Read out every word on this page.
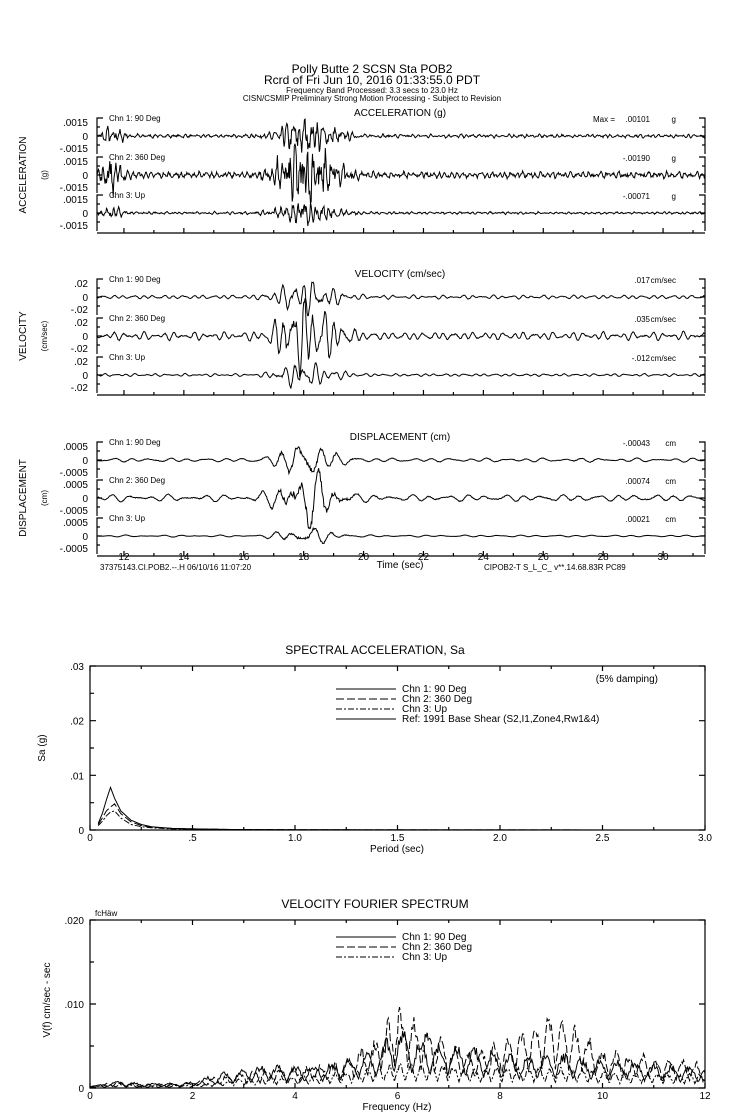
Polly Butte 2 SCSN Sta POB2
Rcrd of Fri Jun 10, 2016 01:33:55.0 PDT
Frequency Band Processed: 3.3 secs to 23.0 Hz
CISN/CSMIP Preliminary Strong Motion Processing - Subject to Revision
ACCELERATION (g)
VELOCITY (cm/sec)
DISPLACEMENT (cm)
ACCELERATION (g)
.0015
0
-.0015
Chn 1: 90 Deg	Max = .00101	g
.0015
0
-.0015
Chn 2: 360 Deg	-.00190	g
.0015
0
-.0015
Chn 3: Up	-.00071	g
VELOCITY (cm/sec)
.02
0
-.02
Chn 1: 90 Deg	.017 cm/sec
.02
0
-.02
Chn 2: 360 Deg	.035 cm/sec
.02
0
-.02
Chn 3: Up	-.012 cm/sec
DISPLACEMENT (cm)
.0005
0
-.0005
Chn 1: 90 Deg	-.00043 cm
.0005
0
-.0005
Chn 2: 360 Deg	.00074 cm
.0005
0
-.0005
Chn 3: Up	.00021 cm
12	14	16	18	20	22	24	26	28	30
Time (sec)
37375143.CI.POB2.--.H 06/10/16 11:07:20	CIPOB2-T S_L_C_ v**.14.68.83R PC89
SPECTRAL ACCELERATION, Sa
(5% damping)
Sa (g)
Period (sec)
0	.5	1.0	1.5	2.0	2.5	3.0
0
.01
.02
.03
Chn 1: 90 Deg
Chn 2: 360 Deg
Chn 3: Up
Ref: 1991 Base Shear (S2,I1,Zone4,Rw1&4)
VELOCITY FOURIER SPECTRUM
fcHäw
V(f) cm/sec - sec
Frequency (Hz)
0	2	4	6	8	10	12
0
.010
.020
Chn 1: 90 Deg
Chn 2: 360 Deg
Chn 3: Up
